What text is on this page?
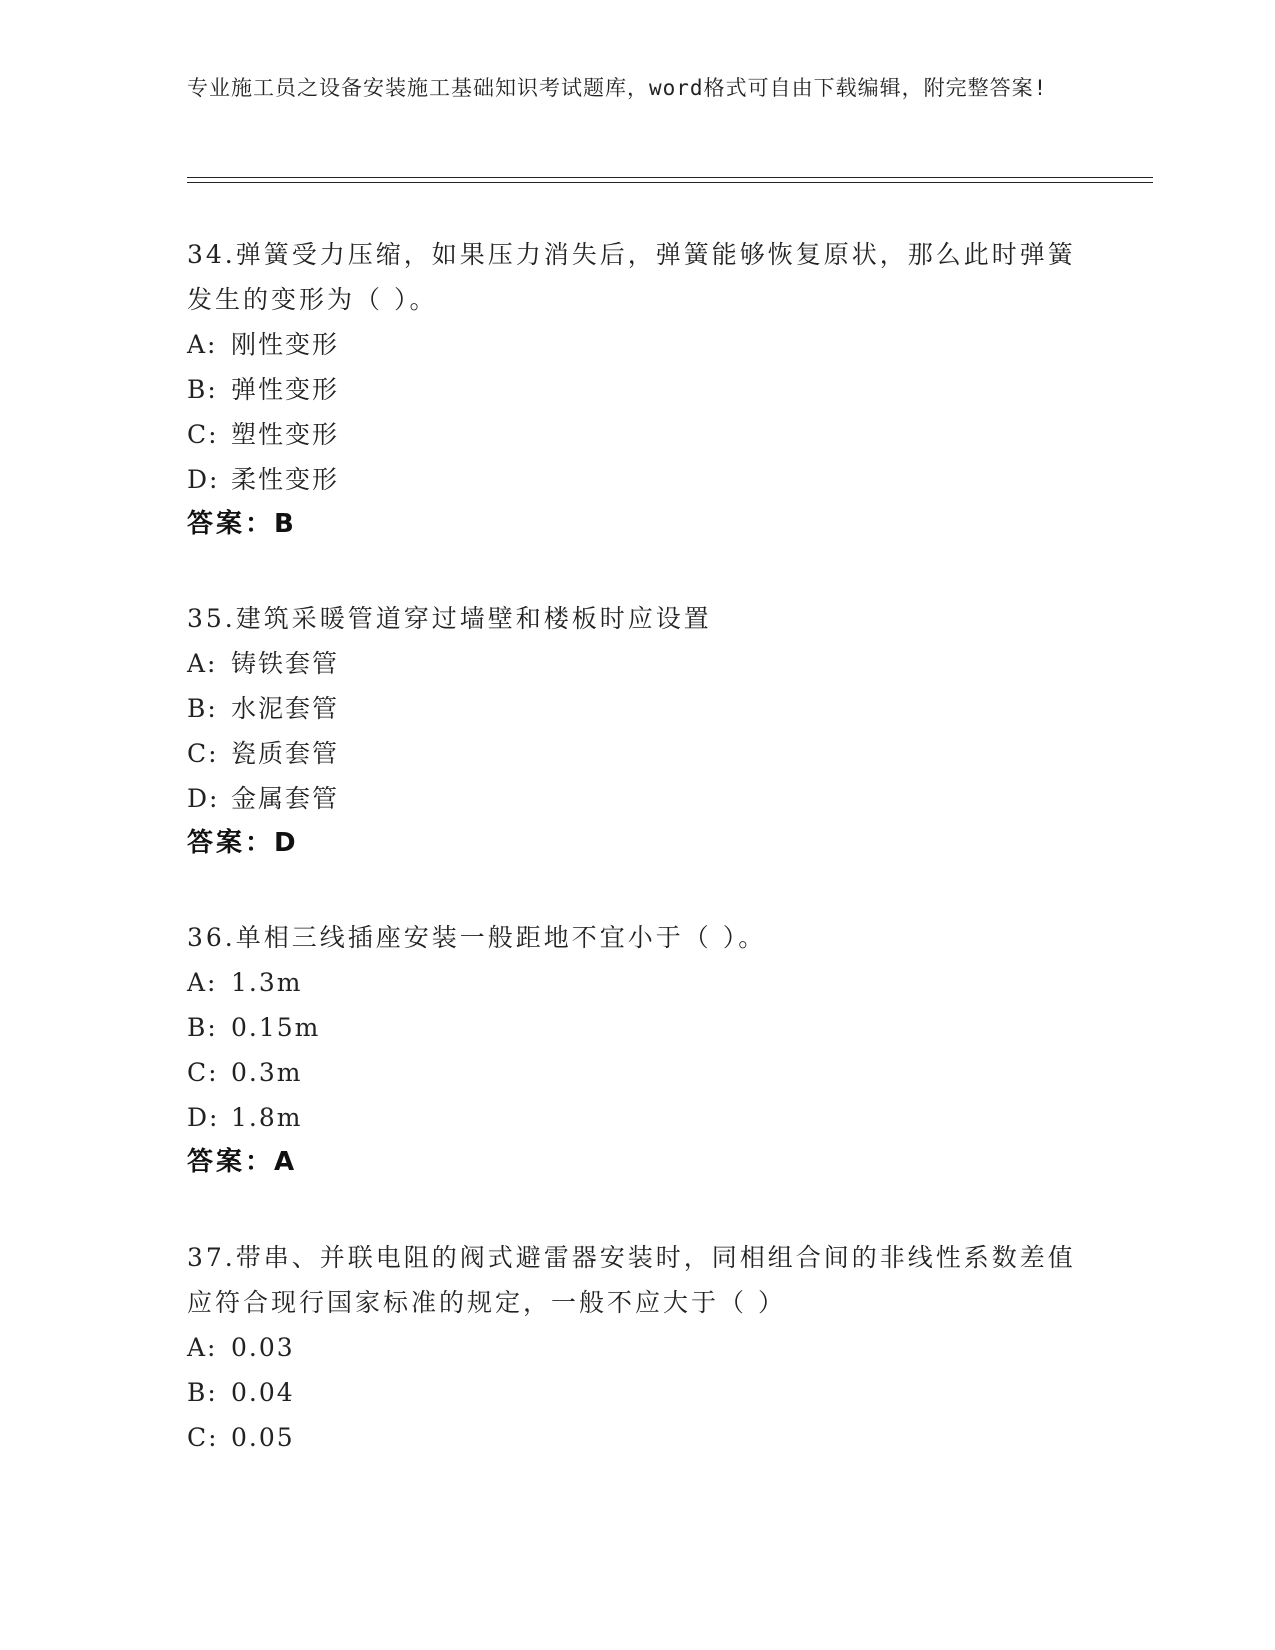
专业施工员之设备安装施工基础知识考试题库，word格式可自由下载编辑，附完整答案!

34.弹簧受力压缩，如果压力消失后，弹簧能够恢复原状，那么此时弹簧发生的变形为（ ）。

A: 刚性变形

B: 弹性变形

C: 塑性变形

D: 柔性变形

答案：B

35.建筑采暖管道穿过墙壁和楼板时应设置

A: 铸铁套管

B: 水泥套管

C: 瓷质套管

D: 金属套管

答案：D

36.单相三线插座安装一般距地不宜小于（ ）。

A: 1.3m

B: 0.15m

C: 0.3m

D: 1.8m

答案：A

37.带串、并联电阻的阀式避雷器安装时，同相组合间的非线性系数差值应符合现行国家标准的规定，一般不应大于（ ）

A: 0.03

B: 0.04

C: 0.05
